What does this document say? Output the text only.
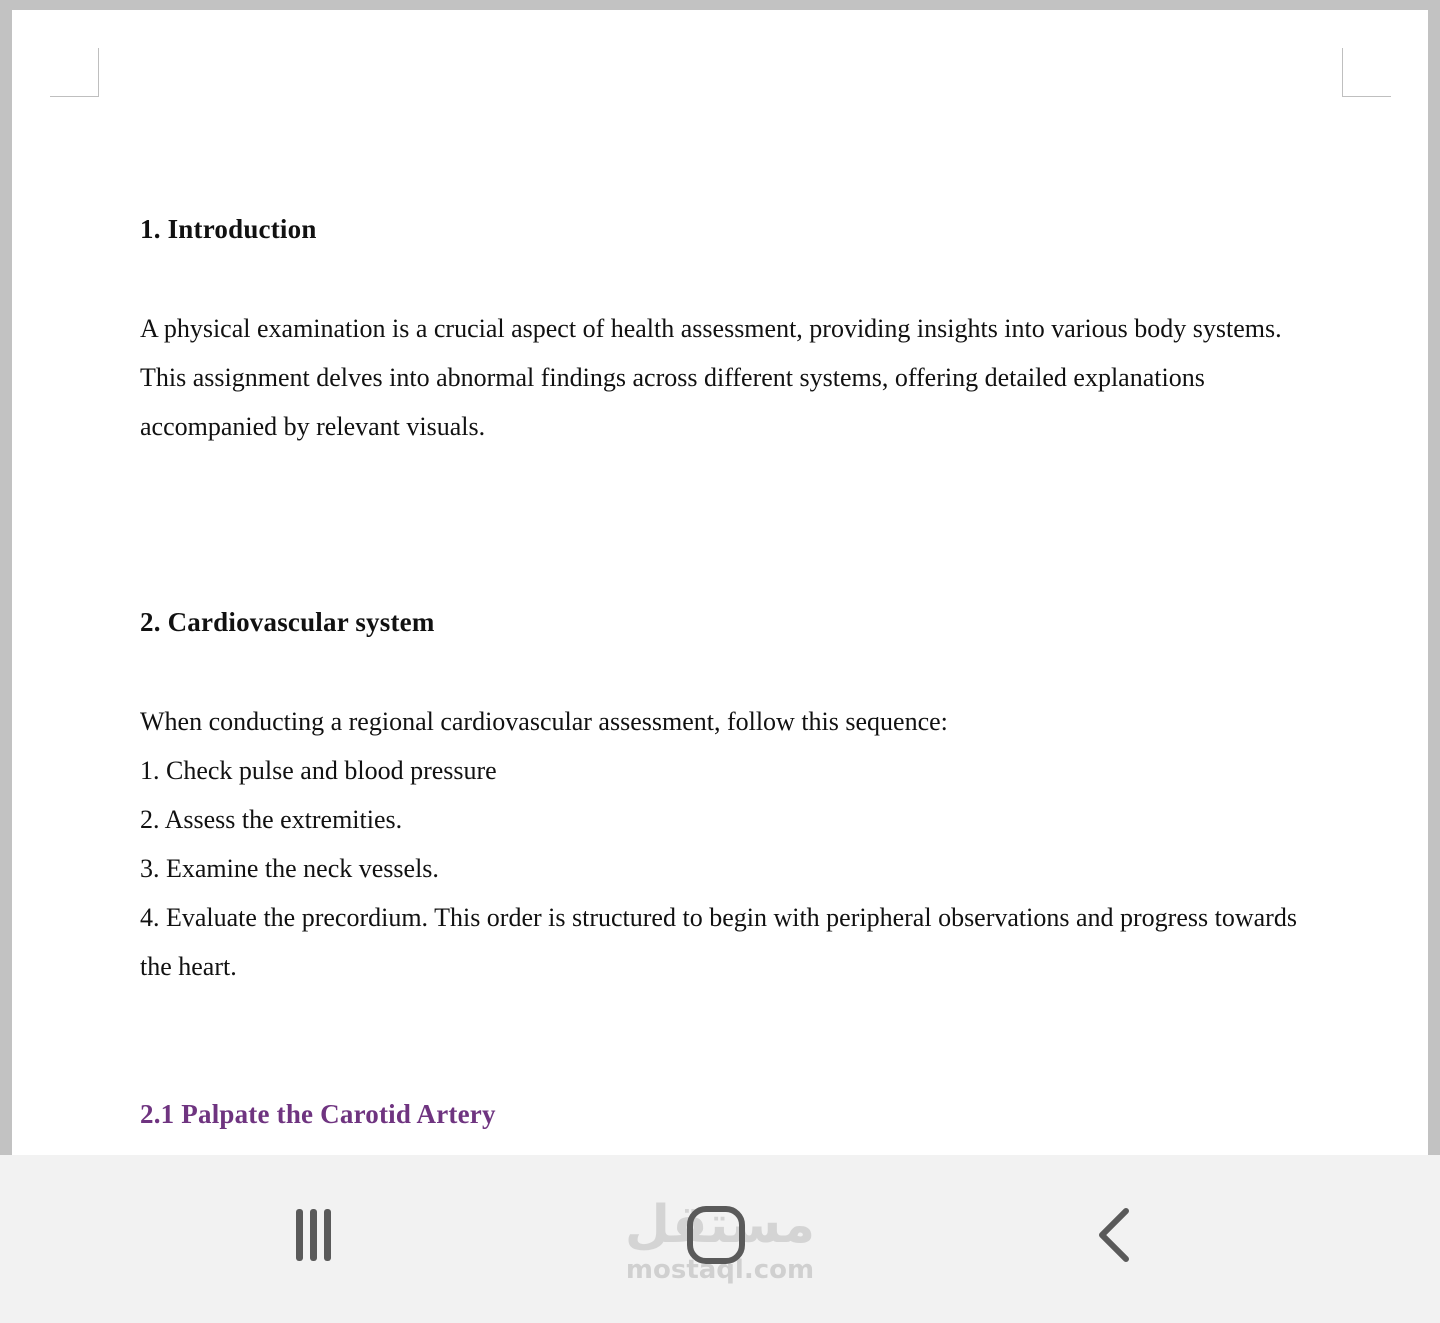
1. Introduction

A physical examination is a crucial aspect of health assessment, providing insights into various body systems. This assignment delves into abnormal findings across different systems, offering detailed explanations accompanied by relevant visuals.

2. Cardiovascular system

When conducting a regional cardiovascular assessment, follow this sequence:

1. Check pulse and blood pressure

2. Assess the extremities.

3. Examine the neck vessels.

4. Evaluate the precordium. This order is structured to begin with peripheral observations and progress towards the heart.

2.1 Palpate the Carotid Artery
مستقل
mostaql.com
